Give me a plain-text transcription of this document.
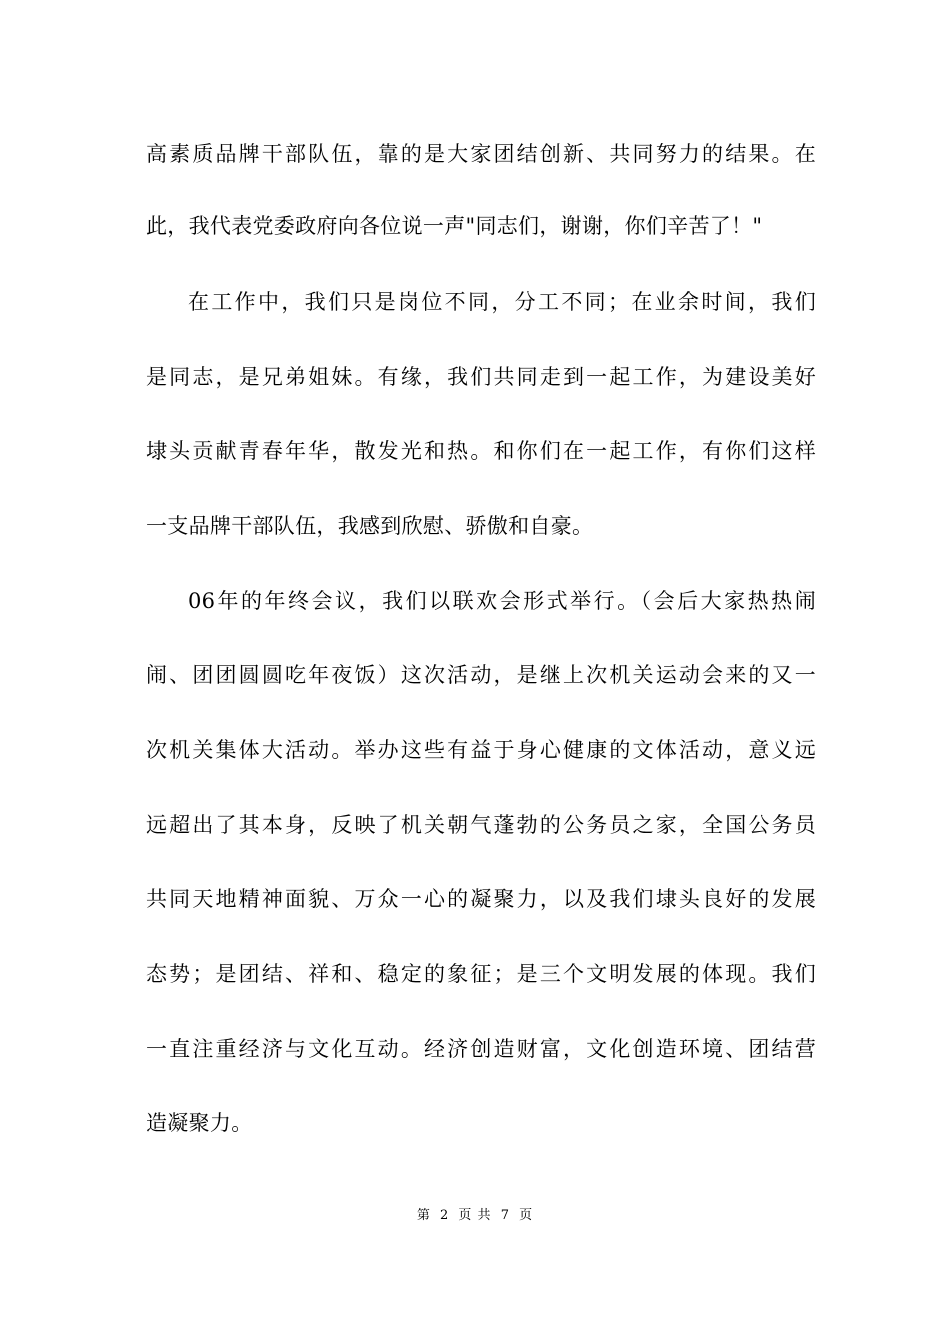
高素质品牌干部队伍，靠的是大家团结创新、共同努力的结果。在
此，我代表党委政府向各位说一声"同志们，谢谢，你们辛苦了！"
在工作中，我们只是岗位不同，分工不同；在业余时间，我们
是同志，是兄弟姐妹。有缘，我们共同走到一起工作，为建设美好
埭头贡献青春年华，散发光和热。和你们在一起工作，有你们这样
一支品牌干部队伍，我感到欣慰、骄傲和自豪。
06年的年终会议，我们以联欢会形式举行。（会后大家热热闹
闹、团团圆圆吃年夜饭）这次活动，是继上次机关运动会来的又一
次机关集体大活动。举办这些有益于身心健康的文体活动，意义远
远超出了其本身，反映了机关朝气蓬勃的公务员之家，全国公务员
共同天地精神面貌、万众一心的凝聚力，以及我们埭头良好的发展
态势；是团结、祥和、稳定的象征；是三个文明发展的体现。我们
一直注重经济与文化互动。经济创造财富，文化创造环境、团结营
造凝聚力。
第 2 页 共 7 页
